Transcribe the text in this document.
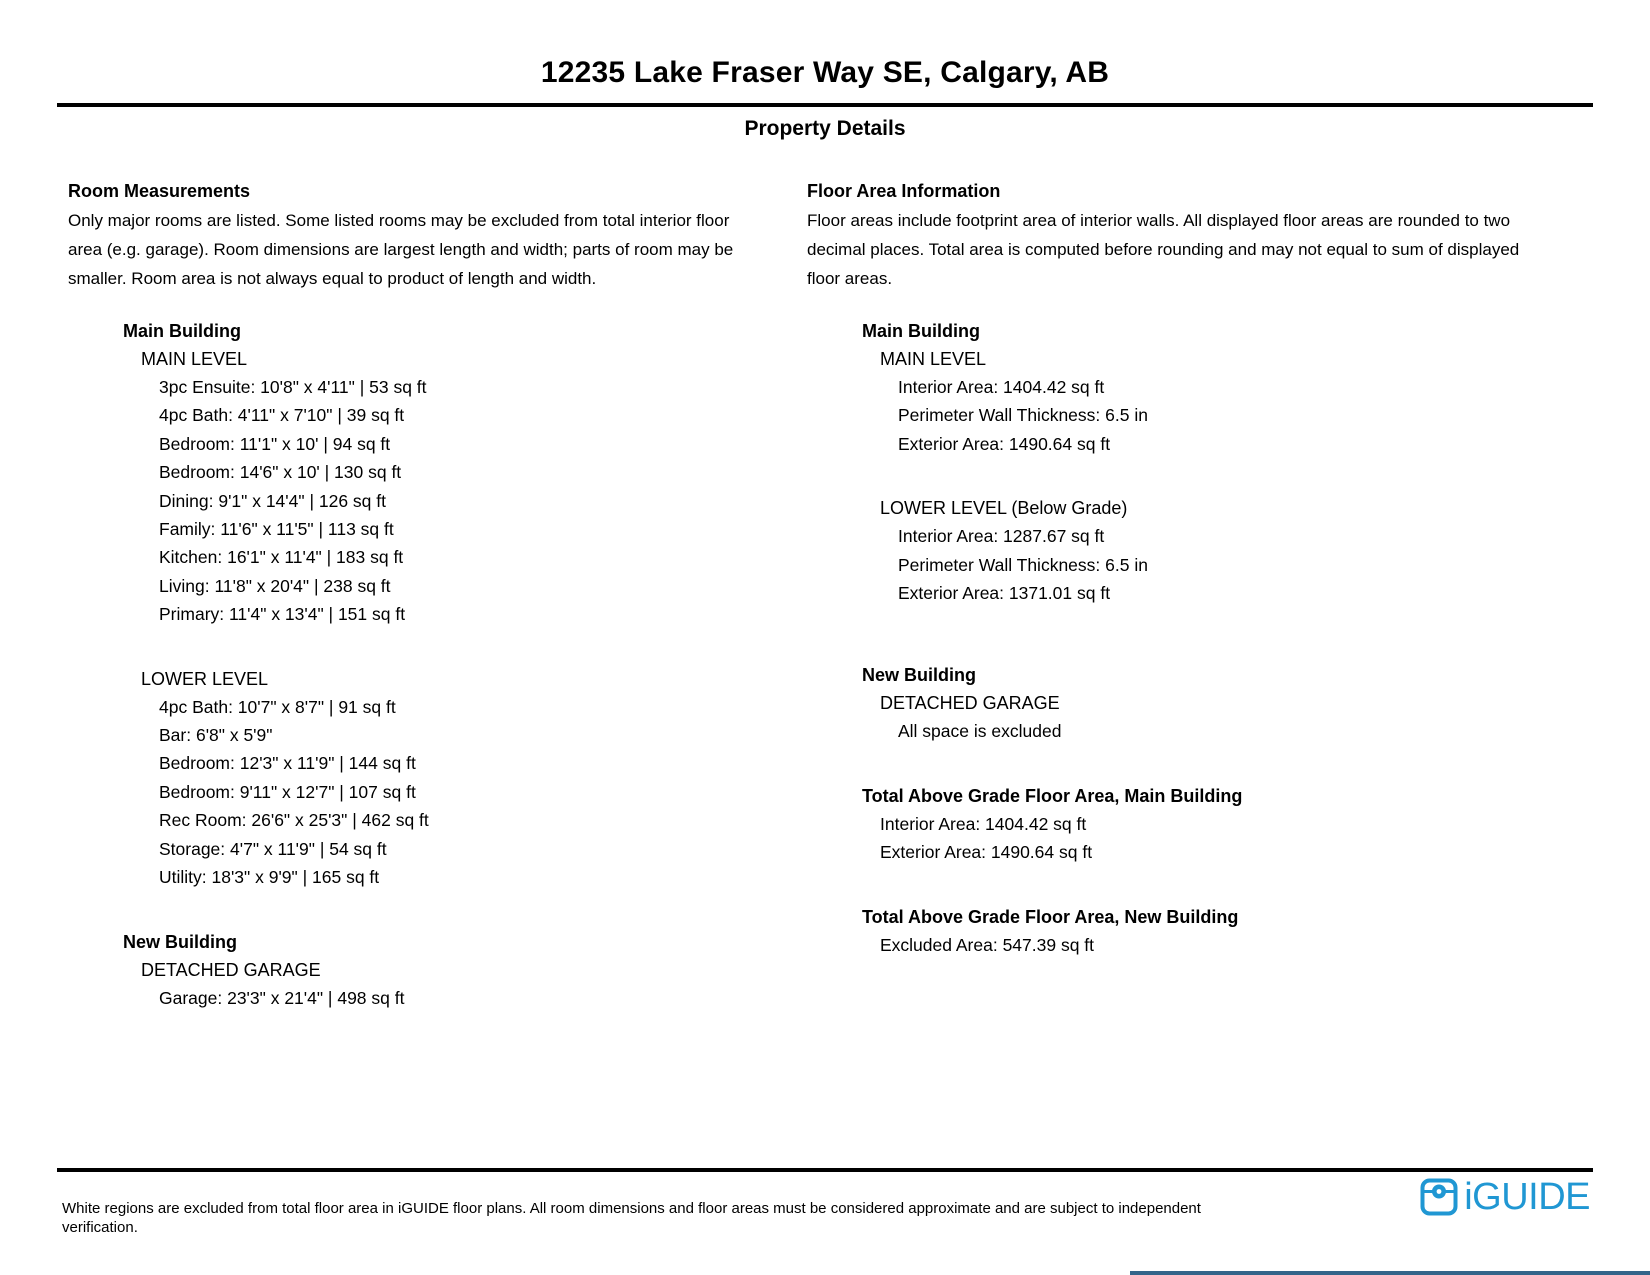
12235 Lake Fraser Way SE, Calgary, AB
Property Details
Room Measurements

Only major rooms are listed. Some listed rooms may be excluded from total interior floor area (e.g. garage). Room dimensions are largest length and width; parts of room may be smaller. Room area is not always equal to product of length and width.

Main Building
MAIN LEVEL
3pc Ensuite: 10'8" x 4'11" | 53 sq ft
4pc Bath: 4'11" x 7'10" | 39 sq ft
Bedroom: 11'1" x 10' | 94 sq ft
Bedroom: 14'6" x 10' | 130 sq ft
Dining: 9'1" x 14'4" | 126 sq ft
Family: 11'6" x 11'5" | 113 sq ft
Kitchen: 16'1" x 11'4" | 183 sq ft
Living: 11'8" x 20'4" | 238 sq ft
Primary: 11'4" x 13'4" | 151 sq ft
LOWER LEVEL
4pc Bath: 10'7" x 8'7" | 91 sq ft
Bar: 6'8" x 5'9"
Bedroom: 12'3" x 11'9" | 144 sq ft
Bedroom: 9'11" x 12'7" | 107 sq ft
Rec Room: 26'6" x 25'3" | 462 sq ft
Storage: 4'7" x 11'9" | 54 sq ft
Utility: 18'3" x 9'9" | 165 sq ft
New Building
DETACHED GARAGE
Garage: 23'3" x 21'4" | 498 sq ft
Floor Area Information

Floor areas include footprint area of interior walls. All displayed floor areas are rounded to two decimal places. Total area is computed before rounding and may not equal to sum of displayed floor areas.

Main Building
MAIN LEVEL
Interior Area: 1404.42 sq ft
Perimeter Wall Thickness: 6.5 in
Exterior Area: 1490.64 sq ft
LOWER LEVEL (Below Grade)
Interior Area: 1287.67 sq ft
Perimeter Wall Thickness: 6.5 in
Exterior Area: 1371.01 sq ft
New Building
DETACHED GARAGE
All space is excluded
Total Above Grade Floor Area, Main Building
Interior Area: 1404.42 sq ft
Exterior Area: 1490.64 sq ft
Total Above Grade Floor Area, New Building
Excluded Area: 547.39 sq ft

White regions are excluded from total floor area in iGUIDE floor plans. All room dimensions and floor areas must be considered approximate and are subject to independent verification.

iGUIDE
